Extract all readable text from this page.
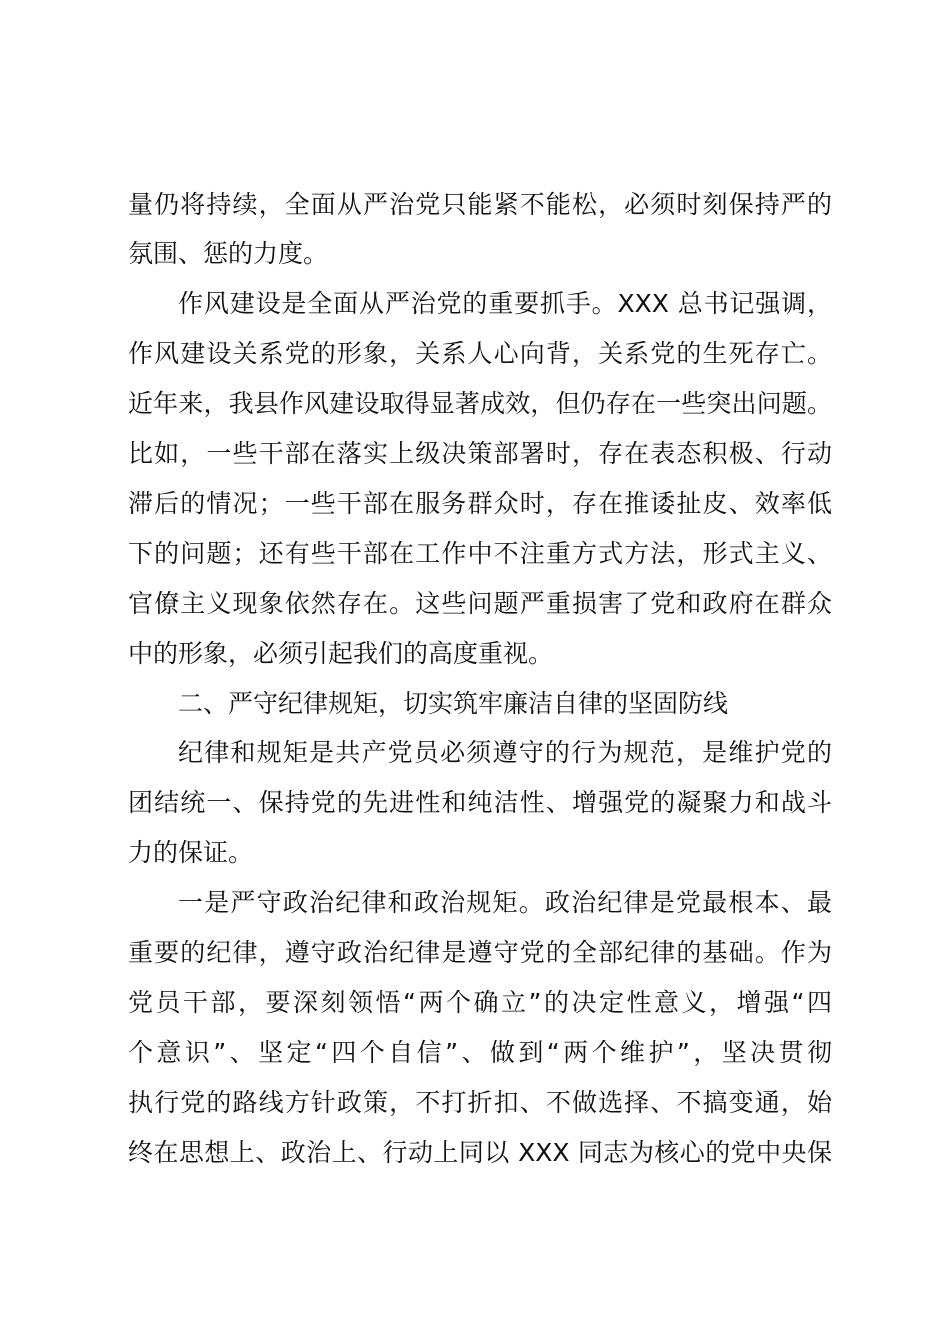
量仍将持续，全面从严治党只能紧不能松，必须时刻保持严的
氛围、惩的力度。
作风建设是全面从严治党的重要抓手。XXX 总书记强调，
作风建设关系党的形象，关系人心向背，关系党的生死存亡。
近年来，我县作风建设取得显著成效，但仍存在一些突出问题。
比如，一些干部在落实上级决策部署时，存在表态积极、行动
滞后的情况；一些干部在服务群众时，存在推诿扯皮、效率低
下的问题；还有些干部在工作中不注重方式方法，形式主义、
官僚主义现象依然存在。这些问题严重损害了党和政府在群众
中的形象，必须引起我们的高度重视。
二、严守纪律规矩，切实筑牢廉洁自律的坚固防线
纪律和规矩是共产党员必须遵守的行为规范，是维护党的
团结统一、保持党的先进性和纯洁性、增强党的凝聚力和战斗
力的保证。
一是严守政治纪律和政治规矩。政治纪律是党最根本、最
重要的纪律，遵守政治纪律是遵守党的全部纪律的基础。作为
党员干部，要深刻领悟“两个确立”的决定性意义，增强“四
个意识”、坚定“四个自信”、做到“两个维护”，坚决贯彻
执行党的路线方针政策，不打折扣、不做选择、不搞变通，始
终在思想上、政治上、行动上同以 XXX 同志为核心的党中央保
